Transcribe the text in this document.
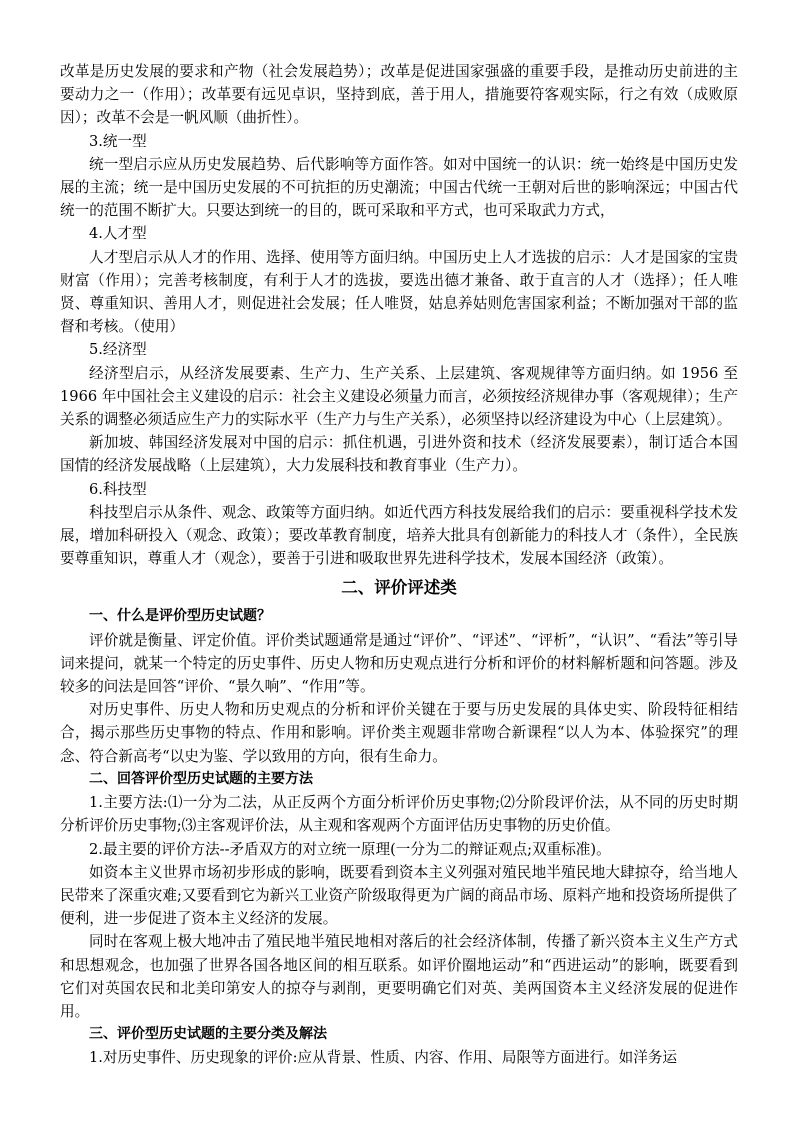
改革是历史发展的要求和产物（社会发展趋势）；改革是促进国家强盛的重要手段，是推动历史前进的主要动力之一（作用）；改革要有远见卓识，坚持到底，善于用人，措施要符客观实际，行之有效（成败原因）；改革不会是一帆风顺（曲折性）。

3.统一型

统一型启示应从历史发展趋势、后代影响等方面作答。如对中国统一的认识：统一始终是中国历史发展的主流；统一是中国历史发展的不可抗拒的历史潮流；中国古代统一王朝对后世的影响深远；中国古代统一的范围不断扩大。只要达到统一的目的，既可采取和平方式，也可采取武力方式，

4.人才型

人才型启示从人才的作用、选择、使用等方面归纳。中国历史上人才选拔的启示：人才是国家的宝贵财富（作用）；完善考核制度，有利于人才的选拔，要选出德才兼备、敢于直言的人才（选择）；任人唯贤、尊重知识、善用人才，则促进社会发展；任人唯贤，姑息养姑则危害国家利益；不断加强对干部的监督和考核。（使用）

5.经济型

经济型启示，从经济发展要素、生产力、生产关系、上层建筑、客观规律等方面归纳。如 1956 至 1966 年中国社会主义建设的启示：社会主义建设必须量力而言，必须按经济规律办事（客观规律）；生产关系的调整必须适应生产力的实际水平（生产力与生产关系），必须坚持以经济建设为中心（上层建筑）。

新加坡、韩国经济发展对中国的启示：抓住机遇，引进外资和技术（经济发展要素），制订适合本国国情的经济发展战略（上层建筑），大力发展科技和教育事业（生产力）。

6.科技型

科技型启示从条件、观念、政策等方面归纳。如近代西方科技发展给我们的启示：要重视科学技术发展，增加科研投入（观念、政策）；要改革教育制度，培养大批具有创新能力的科技人才（条件），全民族要尊重知识，尊重人才（观念），要善于引进和吸取世界先进科学技术，发展本国经济（政策）。

二、评价评述类

一、什么是评价型历史试题？

评价就是衡量、评定价值。评价类试题通常是通过“评价”、“评述”、“评析”，“认识”、“看法”等引导词来提问，就某一个特定的历史事件、历史人物和历史观点进行分析和评价的材料解析题和问答题。涉及较多的问法是回答“评价、“景久响”、“作用”等。

对历史事件、历史人物和历史观点的分析和评价关键在于要与历史发展的具体史实、阶段特征相结合，揭示那些历史事物的特点、作用和影响。评价类主观题非常吻合新课程“以人为本、体验探究”的理念、符合新高考“以史为鉴、学以致用的方向，很有生命力。

二、回答评价型历史试题的主要方法

1.主要方法:⑴一分为二法，从正反两个方面分析评价历史事物;⑵分阶段评价法，从不同的历史时期分析评价历史事物;⑶主客观评价法，从主观和客观两个方面评估历史事物的历史价值。

2.最主要的评价方法--矛盾双方的对立统一原理(一分为二的辩证观点;双重标准)。

如资本主义世界市场初步形成的影响，既要看到资本主义列强对殖民地半殖民地大肆掠夺，给当地人民带来了深重灾难;又要看到它为新兴工业资产阶级取得更为广阔的商品市场、原料产地和投资场所提供了便利，进一步促进了资本主义经济的发展。

同时在客观上极大地冲击了殖民地半殖民地相对落后的社会经济体制，传播了新兴资本主义生产方式和思想观念，也加强了世界各国各地区间的相互联系。如评价圈地运动”和“西进运动”的影响，既要看到它们对英国农民和北美印第安人的掠夺与剥削，更要明确它们对英、美两国资本主义经济发展的促进作用。

三、评价型历史试题的主要分类及解法

1.对历史事件、历史现象的评价:应从背景、性质、内容、作用、局限等方面进行。如洋务运
